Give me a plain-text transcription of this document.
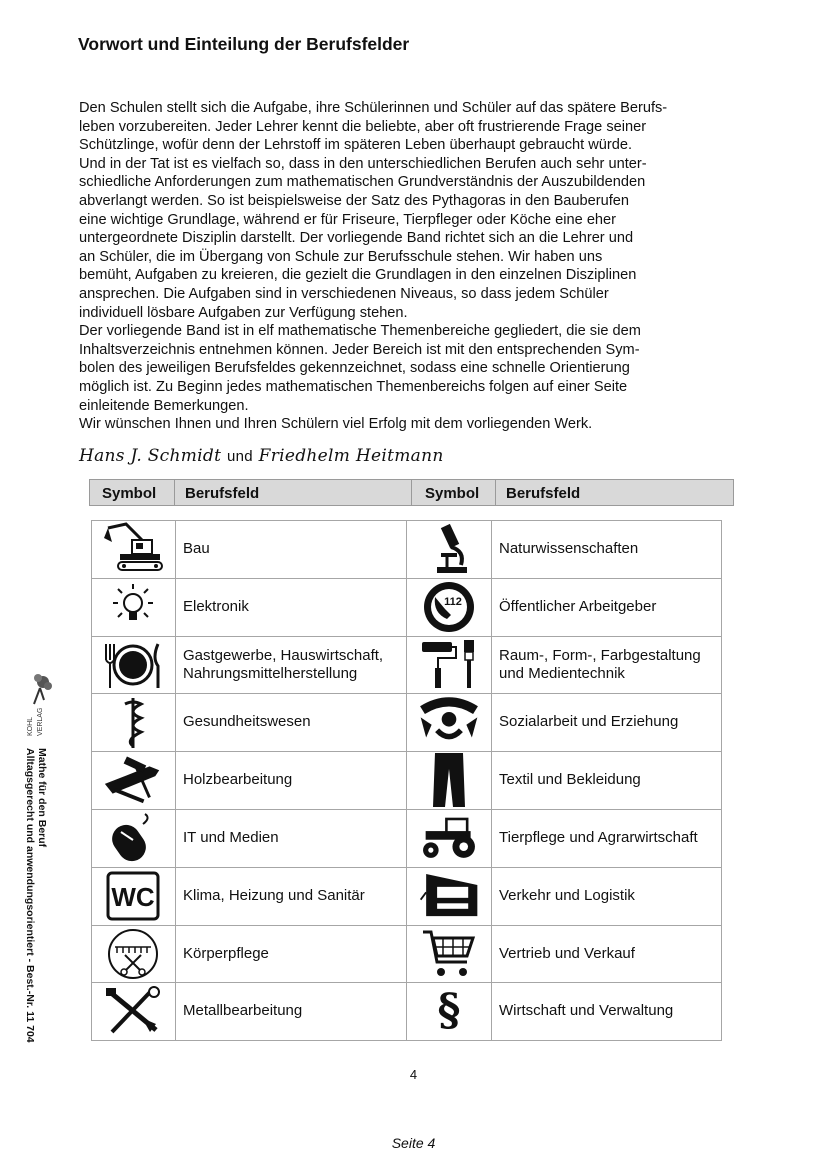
Vorwort und Einteilung der Berufsfelder
Den Schulen stellt sich die Aufgabe, ihre Schülerinnen und Schüler auf das spätere Berufs-
leben vorzubereiten. Jeder Lehrer kennt die beliebte, aber oft frustrierende Frage seiner
Schützlinge, wofür denn der Lehrstoff im späteren Leben überhaupt gebraucht würde.
Und in der Tat ist es vielfach so, dass in den unterschiedlichen Berufen auch sehr unter-
schiedliche Anforderungen zum mathematischen Grundverständnis der Auszubildenden
abverlangt werden. So ist beispielsweise der Satz des Pythagoras in den Bauberufen
eine wichtige Grundlage, während er für Friseure, Tierpfleger oder Köche eine eher
untergeordnete Disziplin darstellt. Der vorliegende Band richtet sich an die Lehrer und
an Schüler, die im Übergang von Schule zur Berufsschule stehen. Wir haben uns
bemüht, Aufgaben zu kreieren, die gezielt die Grundlagen in den einzelnen Disziplinen
ansprechen. Die Aufgaben sind in verschiedenen Niveaus, so dass jedem Schüler
individuell lösbare Aufgaben zur Verfügung stehen.
Der vorliegende Band ist in elf mathematische Themenbereiche gegliedert, die sie dem
Inhaltsverzeichnis entnehmen können. Jeder Bereich ist mit den entsprechenden Sym-
bolen des jeweiligen Berufsfeldes gekennzeichnet, sodass eine schnelle Orientierung
möglich ist. Zu Beginn jedes mathematischen Themenbereichs folgen auf einer Seite
einleitende Bemerkungen.
Wir wünschen Ihnen und Ihren Schülern viel Erfolg mit dem vorliegenden Werk.
Hans J. Schmidt und Friedhelm Heitmann
Symbol Berufsfeld	Symbol Berufsfeld
Bau
Elektronik
Gastgewerbe, Hauswirtschaft,
Nahrungsmittelherstellung
Gesundheitswesen
Holzbearbeitung
IT und Medien
WC Klima, Heizung und Sanitär
Körperpflege
Metallbearbeitung
Naturwissenschaften
112 Öffentlicher Arbeitgeber
Raum-, Form-, Farbgestaltung
und Medientechnik
Sozialarbeit und Erziehung
Textil und Bekleidung
Tierpflege und Agrarwirtschaft
Verkehr und Logistik
Vertrieb und Verkauf
§	Wirtschaft und Verwaltung
KOHL VERLAG
Mathe für den Beruf
Alltagsgerecht und anwendungsorientiert - Best.-Nr. 11 704
4
Seite 4
